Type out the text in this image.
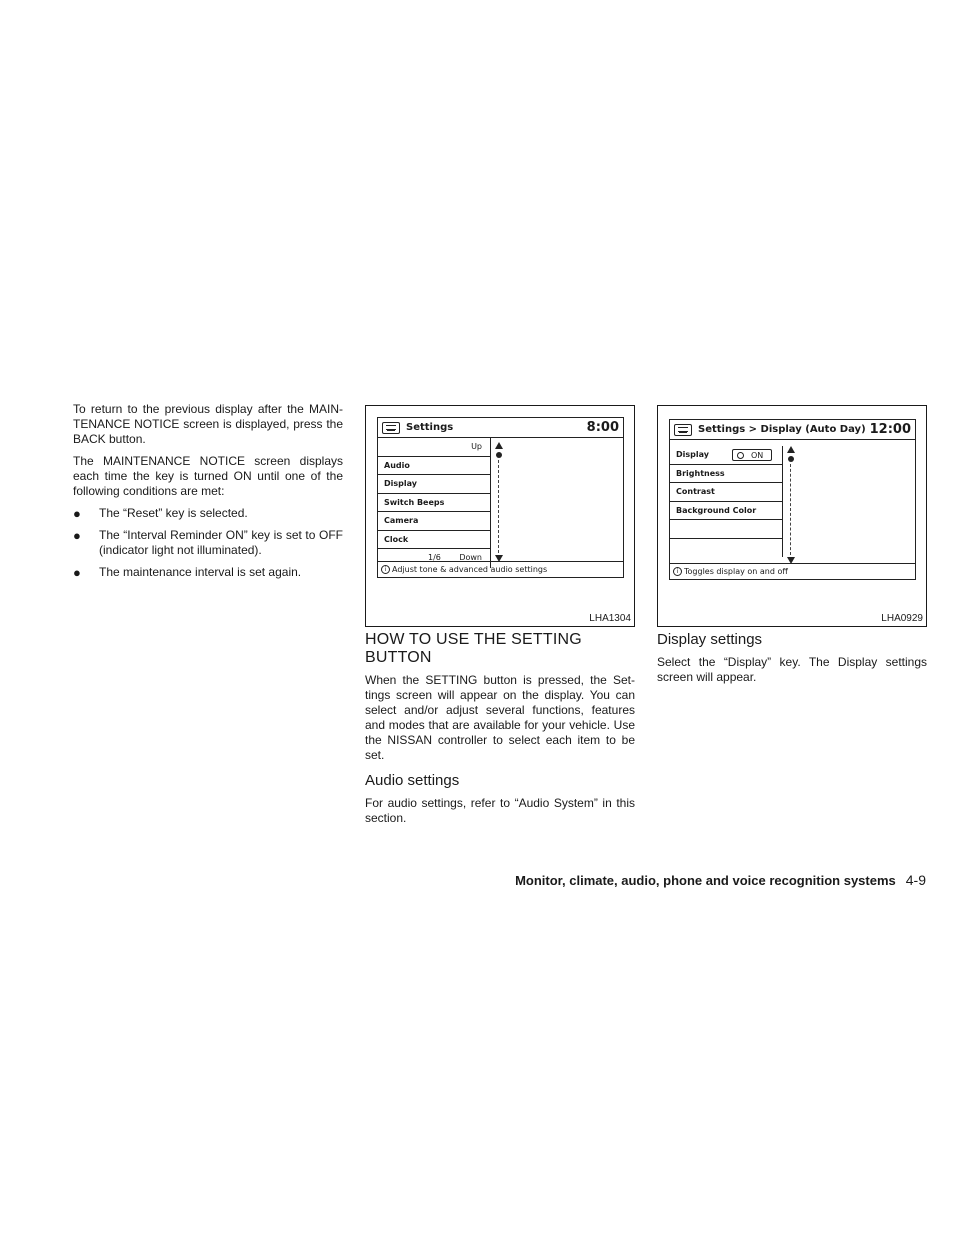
To return to the previous display after the MAIN-TENANCE NOTICE screen is displayed, press the BACK button.

The MAINTENANCE NOTICE screen displays each time the key is turned ON until one of the following conditions are met:

●	The “Reset” key is selected.
●	The “Interval Reminder ON” key is set to OFF (indicator light not illuminated).
●	The maintenance interval is set again.
Settings	8:00
Up
Audio
Display
Switch Beeps
Camera
Clock
1/6 Down
i Adjust tone & advanced audio settings
LHA1304
Settings > Display (Auto Day) 12:00
Display	ON
Brightness
Contrast
Background Color
i Toggles display on and off
LHA0929
HOW TO USE THE SETTING BUTTON

When the SETTING button is pressed, the Set-tings screen will appear on the display. You can select and/or adjust several functions, features and modes that are available for your vehicle. Use the NISSAN controller to select each item to be set.

Audio settings

For audio settings, refer to “Audio System” in this section.

Display settings

Select the “Display” key. The Display settings screen will appear.

Monitor, climate, audio, phone and voice recognition systems 4-9
